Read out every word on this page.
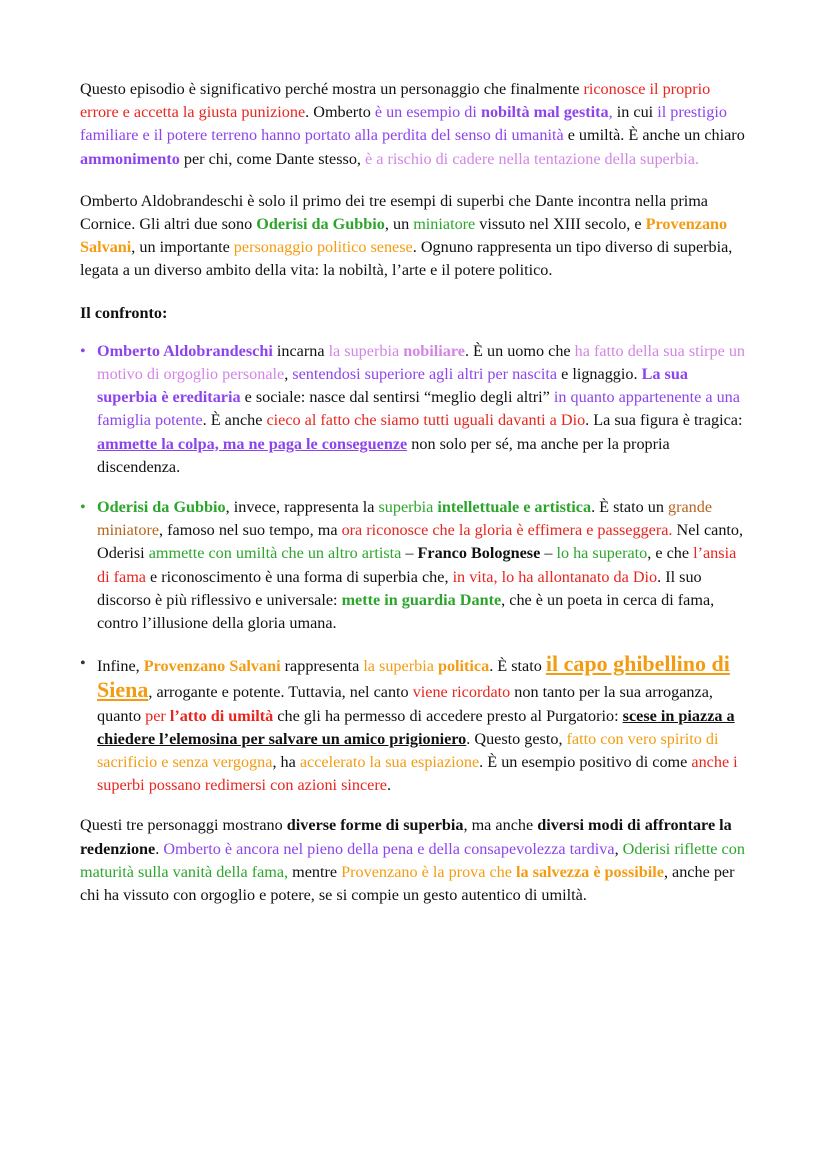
Questo episodio è significativo perché mostra un personaggio che finalmente riconosce il proprio errore e accetta la giusta punizione. Omberto è un esempio di nobiltà mal gestita, in cui il prestigio familiare e il potere terreno hanno portato alla perdita del senso di umanità e umiltà. È anche un chiaro ammonimento per chi, come Dante stesso, è a rischio di cadere nella tentazione della superbia.

Omberto Aldobrandeschi è solo il primo dei tre esempi di superbi che Dante incontra nella prima Cornice. Gli altri due sono Oderisi da Gubbio, un miniatore vissuto nel XIII secolo, e Provenzano Salvani, un importante personaggio politico senese. Ognuno rappresenta un tipo diverso di superbia, legata a un diverso ambito della vita: la nobiltà, l’arte e il potere politico.

Il confronto:

• Omberto Aldobrandeschi incarna la superbia nobiliare. È un uomo che ha fatto della sua stirpe un motivo di orgoglio personale, sentendosi superiore agli altri per nascita e lignaggio. La sua superbia è ereditaria e sociale: nasce dal sentirsi “meglio degli altri” in quanto appartenente a una famiglia potente. È anche cieco al fatto che siamo tutti uguali davanti a Dio. La sua figura è tragica: ammette la colpa, ma ne paga le conseguenze non solo per sé, ma anche per la propria discendenza.
• Oderisi da Gubbio, invece, rappresenta la superbia intellettuale e artistica. È stato un grande miniatore, famoso nel suo tempo, ma ora riconosce che la gloria è effimera e passeggera. Nel canto, Oderisi ammette con umiltà che un altro artista – Franco Bolognese – lo ha superato, e che l’ansia di fama e riconoscimento è una forma di superbia che, in vita, lo ha allontanato da Dio. Il suo discorso è più riflessivo e universale: mette in guardia Dante, che è un poeta in cerca di fama, contro l’illusione della gloria umana.
• Infine, Provenzano Salvani rappresenta la superbia politica. È stato il capo ghibellino di Siena, arrogante e potente. Tuttavia, nel canto viene ricordato non tanto per la sua arroganza, quanto per l’atto di umiltà che gli ha permesso di accedere presto al Purgatorio: scese in piazza a chiedere l’elemosina per salvare un amico prigioniero. Questo gesto, fatto con vero spirito di sacrificio e senza vergogna, ha accelerato la sua espiazione. È un esempio positivo di come anche i superbi possano redimersi con azioni sincere.

Questi tre personaggi mostrano diverse forme di superbia, ma anche diversi modi di affrontare la redenzione. Omberto è ancora nel pieno della pena e della consapevolezza tardiva, Oderisi riflette con maturità sulla vanità della fama, mentre Provenzano è la prova che la salvezza è possibile, anche per chi ha vissuto con orgoglio e potere, se si compie un gesto autentico di umiltà.
